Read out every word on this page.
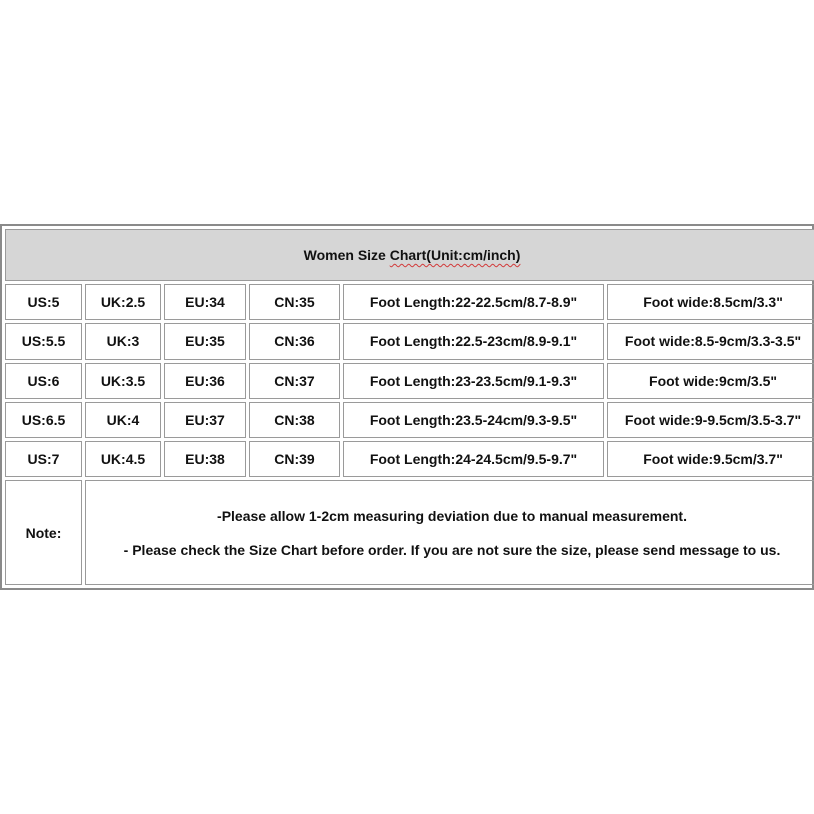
Women Size Chart(Unit:cm/inch)					
US:5	UK:2.5	EU:34	CN:35	Foot Length:22-22.5cm/8.7-8.9"	Foot wide:8.5cm/3.3"
US:5.5	UK:3	EU:35	CN:36	Foot Length:22.5-23cm/8.9-9.1"	Foot wide:8.5-9cm/3.3-3.5"
US:6	UK:3.5	EU:36	CN:37	Foot Length:23-23.5cm/9.1-9.3"	Foot wide:9cm/3.5"
US:6.5	UK:4	EU:37	CN:38	Foot Length:23.5-24cm/9.3-9.5"	Foot wide:9-9.5cm/3.5-3.7"
US:7	UK:4.5	EU:38	CN:39	Foot Length:24-24.5cm/9.5-9.7"	Foot wide:9.5cm/3.7"
Note:	-Please allow 1-2cm measuring deviation due to manual measurement.
- Please check the Size Chart before order. If you are not sure the size, please send message to us.				
